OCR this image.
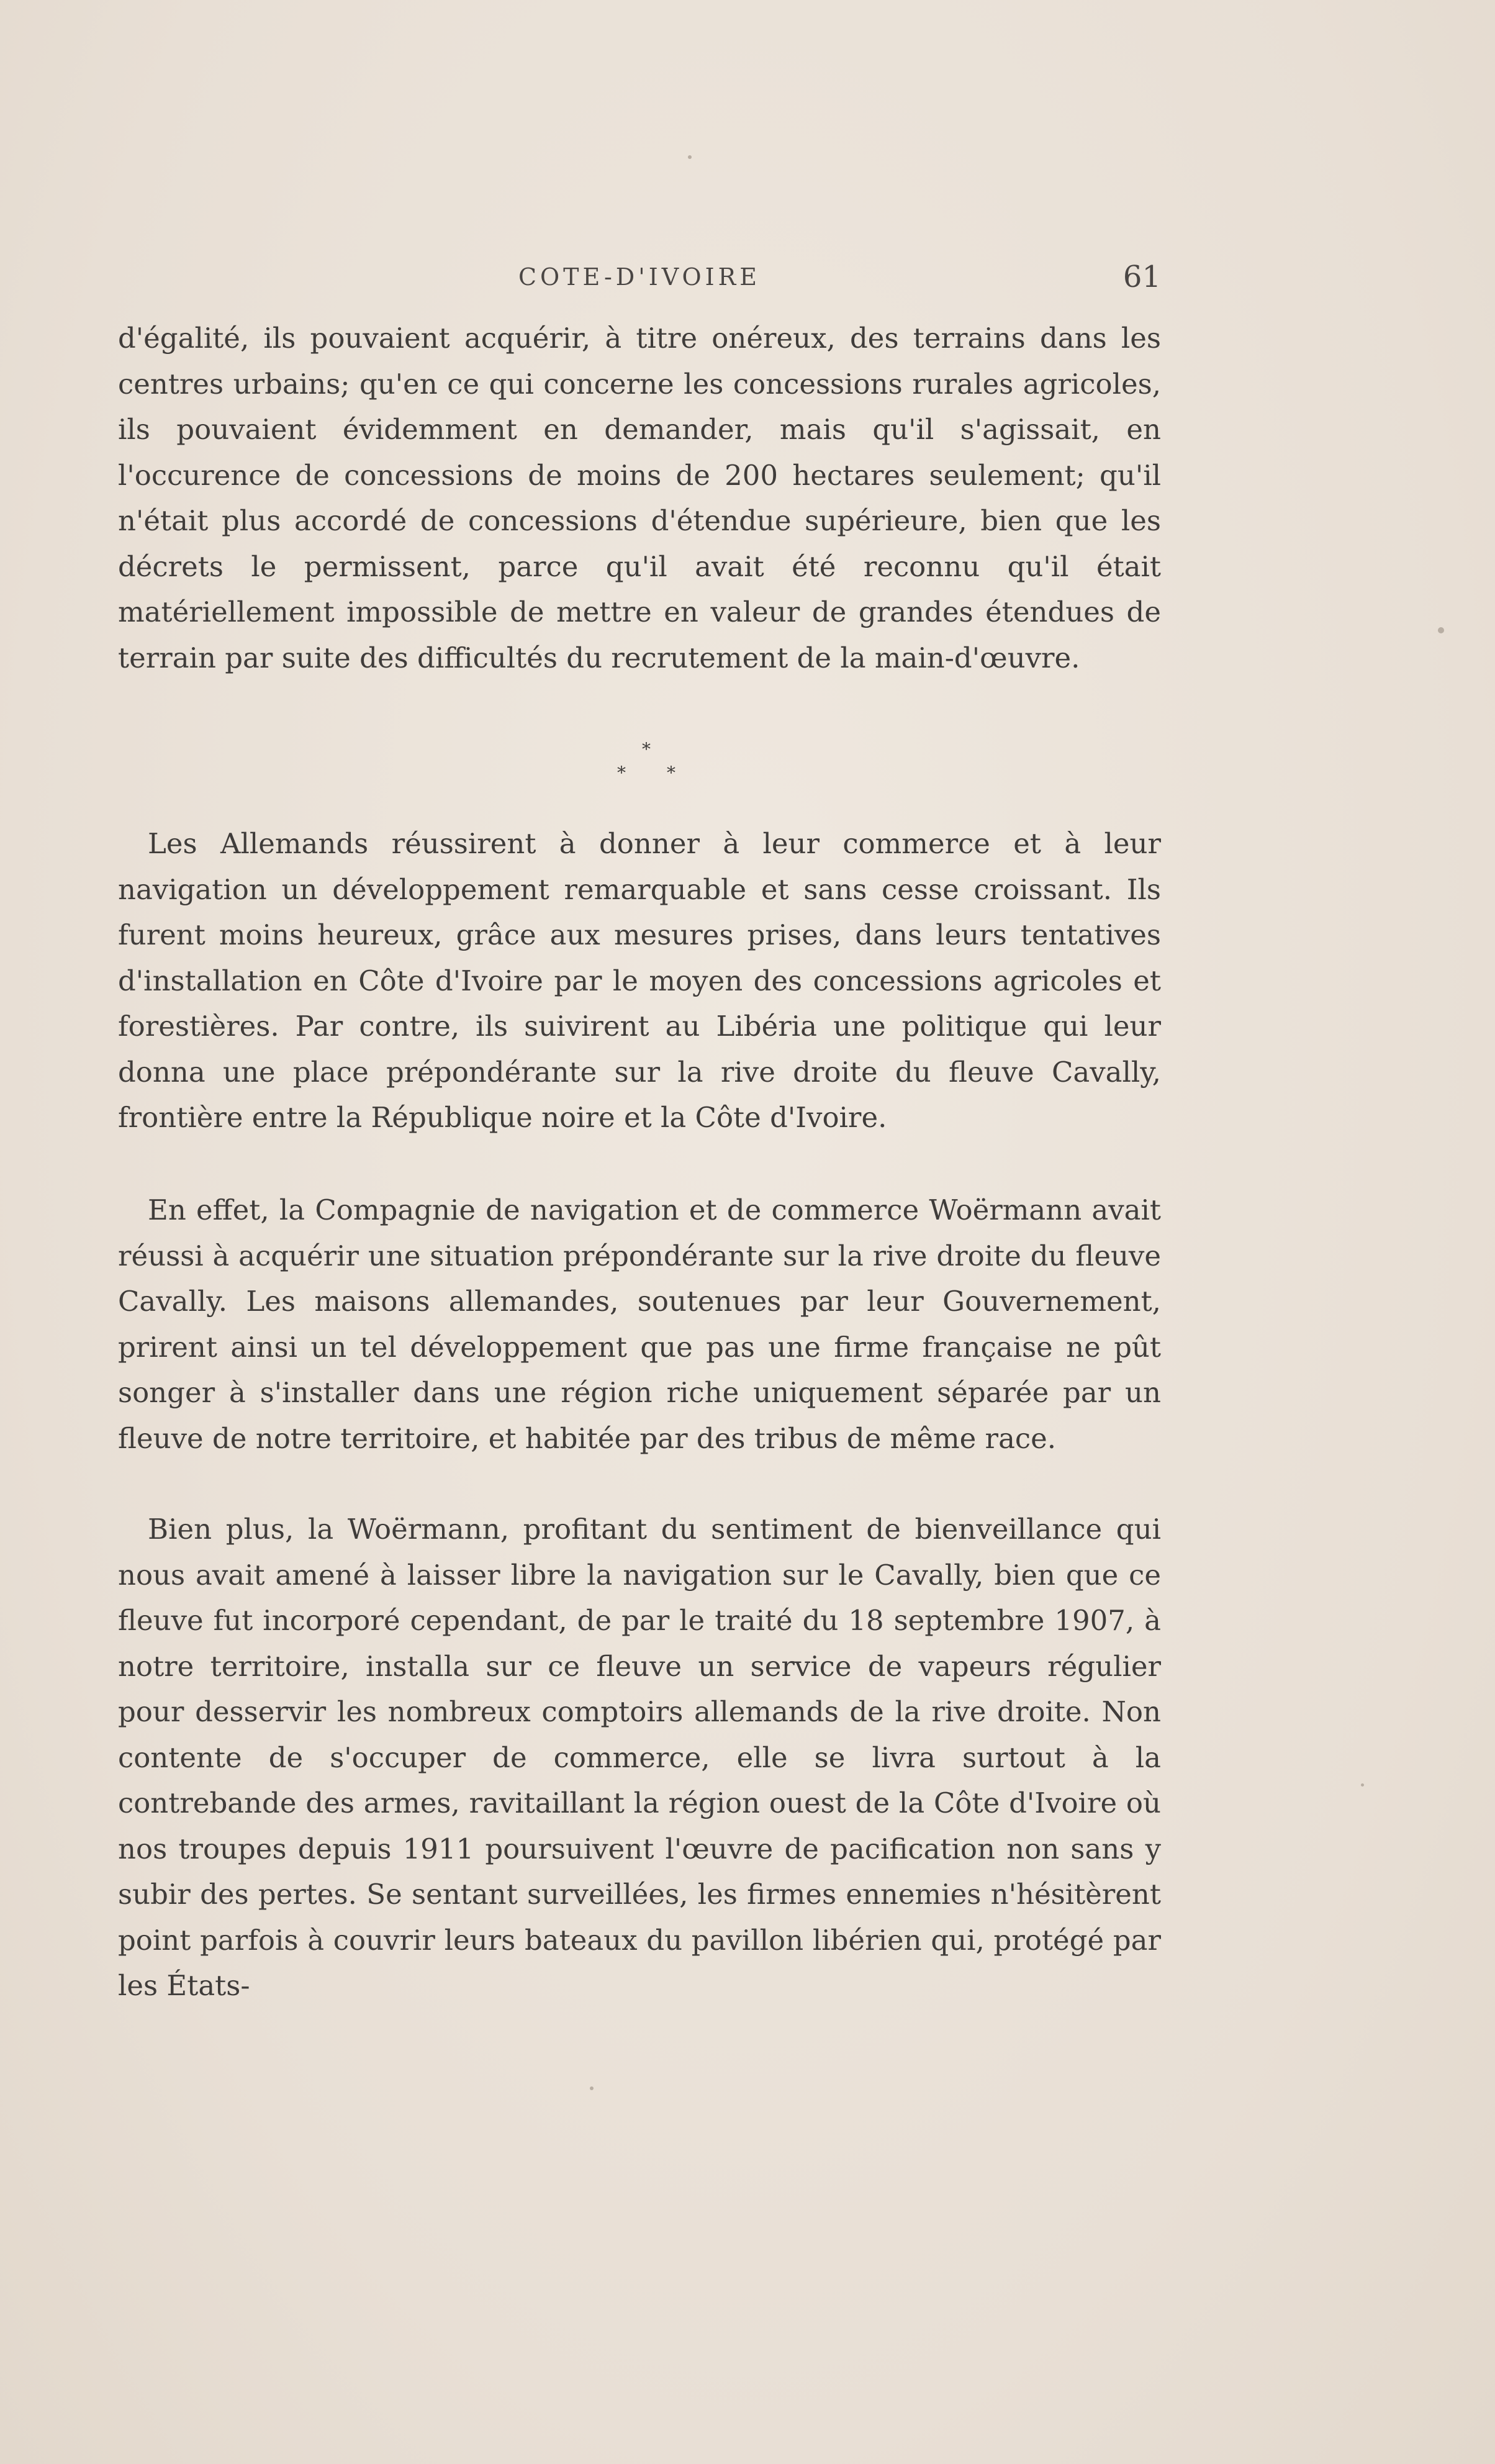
COTE-D'IVOIRE	61

d'égalité, ils pouvaient acquérir, à titre onéreux, des terrains dans les centres urbains; qu'en ce qui concerne les concessions rurales agricoles, ils pouvaient évidemment en demander, mais qu'il s'agissait, en l'occurence de concessions de moins de 200 hectares seulement; qu'il n'était plus accordé de concessions d'étendue supérieure, bien que les décrets le permissent, parce qu'il avait été reconnu qu'il était matériellement impossible de mettre en valeur de grandes étendues de terrain par suite des difficultés du recrutement de la main-d'œuvre.

*
* *

Les Allemands réussirent à donner à leur commerce et à leur navigation un développement remarquable et sans cesse croissant. Ils furent moins heureux, grâce aux mesures prises, dans leurs tentatives d'installation en Côte d'Ivoire par le moyen des concessions agricoles et forestières. Par contre, ils suivirent au Libéria une politique qui leur donna une place prépondérante sur la rive droite du fleuve Cavally, frontière entre la République noire et la Côte d'Ivoire.

En effet, la Compagnie de navigation et de commerce Woërmann avait réussi à acquérir une situation prépondérante sur la rive droite du fleuve Cavally. Les maisons allemandes, soutenues par leur Gouvernement, prirent ainsi un tel développement que pas une firme française ne pût songer à s'installer dans une région riche uniquement séparée par un fleuve de notre territoire, et habitée par des tribus de même race.

Bien plus, la Woërmann, profitant du sentiment de bienveillance qui nous avait amené à laisser libre la navigation sur le Cavally, bien que ce fleuve fut incorporé cependant, de par le traité du 18 septembre 1907, à notre territoire, installa sur ce fleuve un service de vapeurs régulier pour desservir les nombreux comptoirs allemands de la rive droite. Non contente de s'occuper de commerce, elle se livra surtout à la contrebande des armes, ravitaillant la région ouest de la Côte d'Ivoire où nos troupes depuis 1911 poursuivent l'œuvre de pacification non sans y subir des pertes. Se sentant surveillées, les firmes ennemies n'hésitèrent point parfois à couvrir leurs bateaux du pavillon libérien qui, protégé par les États-
